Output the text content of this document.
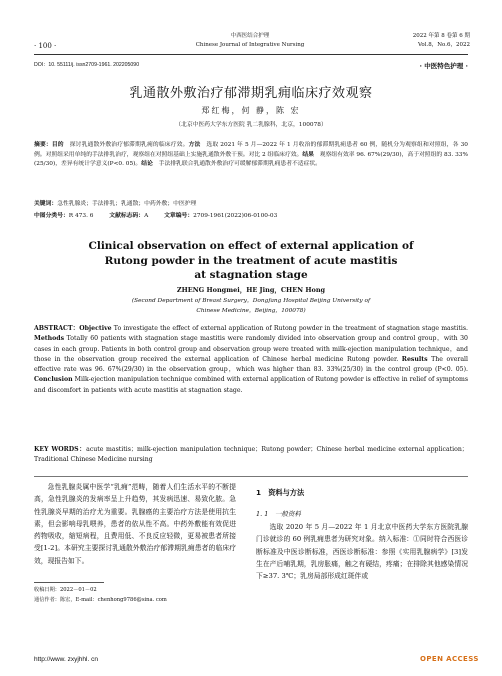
· 100 ·
中西医结合护理
Chinese Journal of Integrative Nursing
2022 年第 8 卷第 6 期
Vol.8，No.6，2022
DOI：10. 55111/j. issn2709-1961. 202205090	· 中医特色护理 ·
乳通散外敷治疗郁滞期乳痈临床疗效观察
郑红梅，何 静，陈 宏
（北京中医药大学东方医院 乳二乳腺科，北京，100078）
摘要：目的　 探讨乳通散外敷治疗郁滞期乳痈的临床疗效。方法　 选取 2021 年 5 月—2022 年 1 月收治的郁滞期乳痈患者 60 例，随机分为观察组和对照组，各 30 例。对照组采用单纯的手法排乳治疗，观察组在对照组基础上实施乳通散外敷干预。对比 2 组临床疗效。结果　 观察组有效率 96. 67%(29/30)，高于对照组的 83. 33%(25/30)，差异有统计学意义(P<0. 05)。结论　 手法排乳联合乳通散外敷治疗可缓解郁滞期乳痈患者不适症状。
关键词：急性乳腺炎；手法排乳；乳通散；中药外敷；中医护理
中图分类号：R 473. 6	文献标志码：A	文章编号：2709-1961(2022)06-0100-03
Clinical observation on effect of external application of
Rutong powder in the treatment of acute mastitis
at stagnation stage
ZHENG Hongmei，HE Jing，CHEN Hong
(Second Department of Breast Surgery，Dongfang Hospital Beijing University of
Chinese Medicine，Beijing，100078)
ABSTRACT：Objective To investigate the effect of external application of Rutong powder in the treatment of stagnation stage mastitis. Methods Totally 60 patients with stagnation stage mastitis were randomly divided into observation group and control group，with 30 cases in each group. Patients in both control group and observation group were treated with milk-ejection manipulation technique，and those in the observation group received the external application of Chinese herbal medicine Rutong powder. Results The overall effective rate was 96. 67%(29/30) in the observation group，which was higher than 83. 33%(25/30) in the control group (P<0. 05). Conclusion Milk-ejection manipulation technique combined with external application of Rutong powder is effective in relief of symptoms and discomfort in patients with acute mastitis at stagnation stage.
KEY WORDS：acute mastitis；milk-ejection manipulation technique；Rutong powder；Chinese herbal medicine external application；Traditional Chinese Medicine nursing
急性乳腺炎属中医学“乳痈”范畴，随着人们生活水平的不断提高，急性乳腺炎的发病率呈上升趋势，其发病迅速、易致化脓。急性乳腺炎早期的治疗尤为重要。乳腺癌的主要治疗方法是使用抗生素，但会影响母乳喂养，患者的依从性不高。中药外敷能有效促进药物吸收，缩短病程，且费用低、不良反应轻微，更易被患者所接受[1-2]。本研究主要探讨乳通散外敷治疗郁滞期乳痈患者的临床疗效，现报告如下。
1　资料与方法
1. 1　一般资料
选取 2020 年 5 月—2022 年 1 月北京中医药大学东方医院乳腺门诊就诊的 60 例乳痈患者为研究对象。纳入标准：①同时符合西医诊断标准及中医诊断标准，西医诊断标准：参照《实用乳腺病学》[3]发生在产后哺乳期，乳房胀痛，触之有硬结，疼痛；在排除其他感染情况下≥37. 3℃；乳房局部形成红斑伴或
收稿日期：2022－01－02
通信作者：陈宏，E-mail：chenhong9786@sina. com
http://www. zxyjhhl. cn	OPEN ACCESS
